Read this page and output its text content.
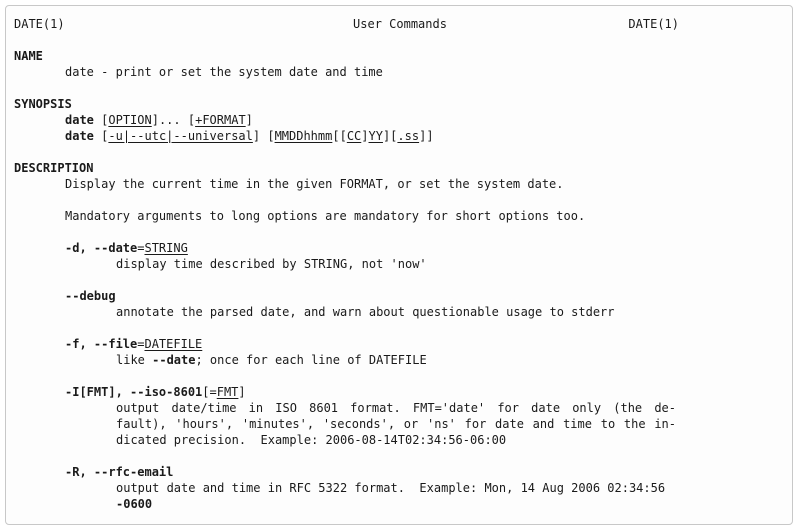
DATE(1)	User Commands	DATE(1)
NAME
date - print or set the system date and time
SYNOPSIS
date [OPTION]... [+FORMAT]
date [-u|--utc|--universal] [MMDDhhmm[[CC]YY][.ss]]
DESCRIPTION
Display the current time in the given FORMAT, or set the system date.
Mandatory arguments to long options are mandatory for short options too.
-d, --date=STRING
display time described by STRING, not 'now'
--debug
annotate the parsed date, and warn about questionable usage to stderr
-f, --file=DATEFILE
like --date; once for each line of DATEFILE
-I[FMT], --iso-8601[=FMT]
output date/time in ISO 8601 format. FMT='date' for date only (the de-
fault), 'hours', 'minutes', 'seconds', or 'ns' for date and time to the in-
dicated precision.  Example: 2006-08-14T02:34:56-06:00
-R, --rfc-email
output date and time in RFC 5322 format.  Example: Mon, 14 Aug 2006 02:34:56
-0600
